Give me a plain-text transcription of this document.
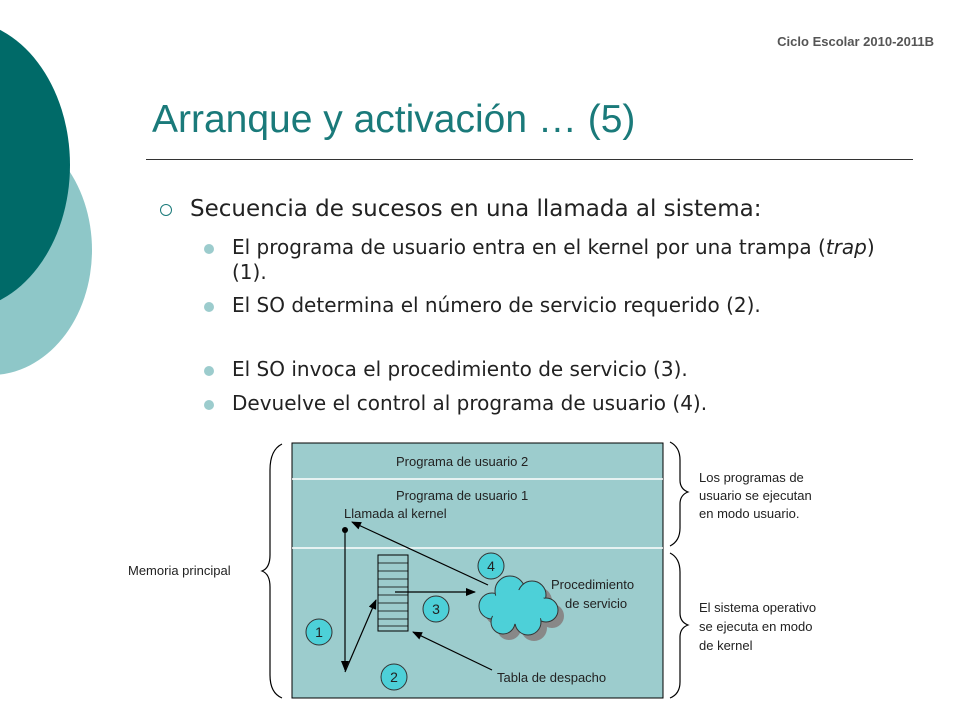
Ciclo Escolar 2010-2011B
Arranque y activación … (5)
Secuencia de sucesos en una llamada al sistema:
El programa de usuario entra en el kernel por una trampa (trap) (1).
El SO determina el número de servicio requerido (2).
El SO invoca el procedimiento de servicio (3).
Devuelve el control al programa de usuario (4).
Memoria principal
Programa de usuario 2
Programa de usuario 1
Llamada al kernel
Procedimiento
de servicio
Tabla de despacho
1
2
3
4
Los programas de
usuario se ejecutan
en modo usuario.
El sistema operativo
se ejecuta en modo
de kernel
